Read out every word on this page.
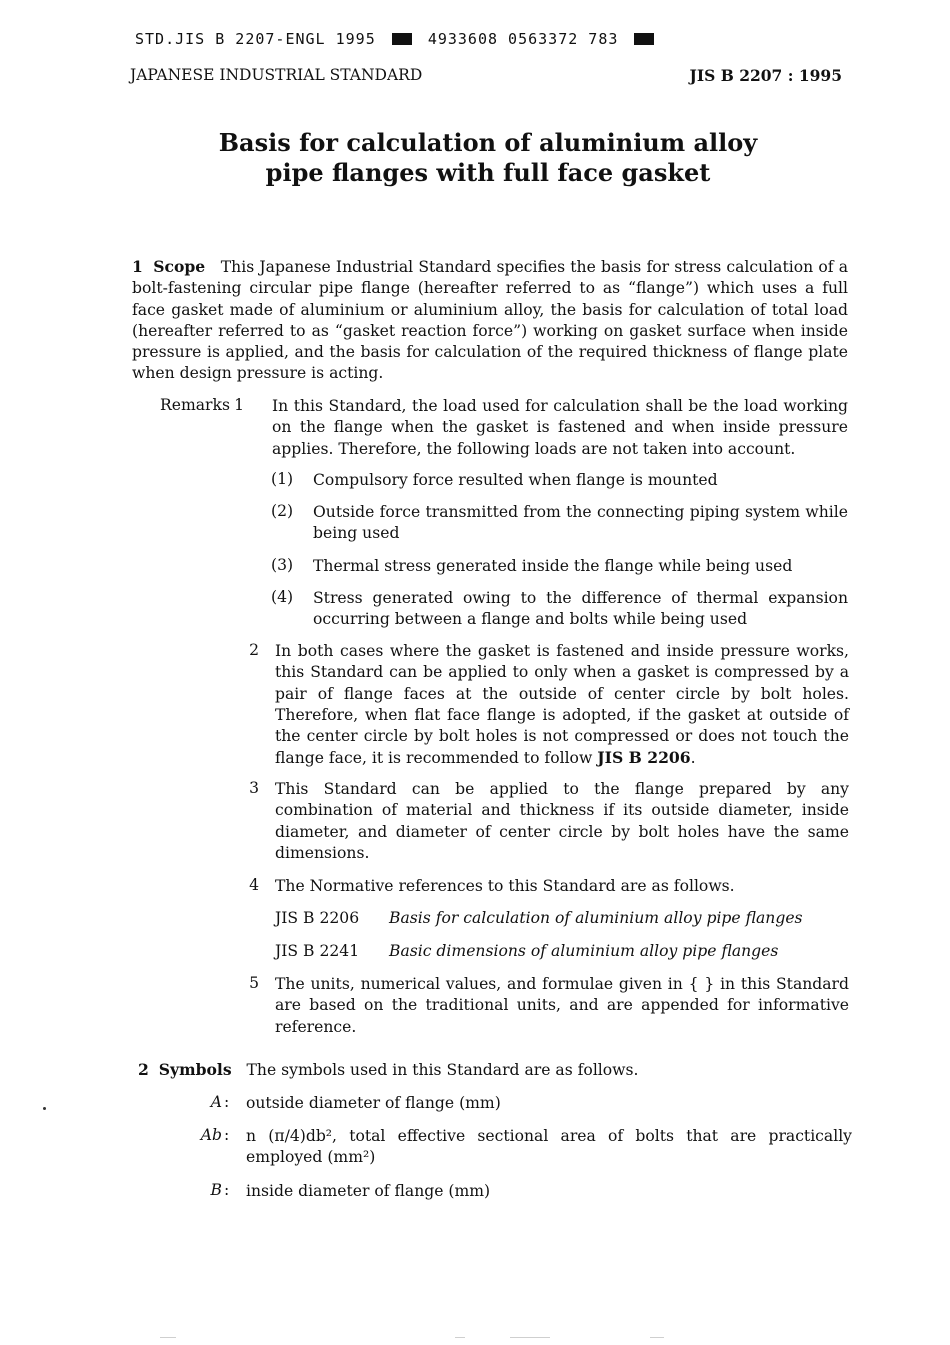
STD.JIS B 2207-ENGL 1995	4933608 0563372 783
JAPANESE INDUSTRIAL STANDARD	JIS B 2207 : 1995
Basis for calculation of aluminium alloy
pipe flanges with full face gasket
1 Scope This Japanese Industrial Standard specifies the basis for stress calculation of a bolt-fastening circular pipe flange (hereafter referred to as “flange”) which uses a full face gasket made of aluminium or aluminium alloy, the basis for calculation of total load (hereafter referred to as “gasket reaction force”) working on gasket surface when inside pressure is applied, and the basis for calculation of the required thickness of flange plate when design pressure is acting.
Remarks 1 In this Standard, the load used for calculation shall be the load working on the flange when the gasket is fastened and when inside pressure applies. Therefore, the following loads are not taken into account.
(1) Compulsory force resulted when flange is mounted
(2) Outside force transmitted from the connecting piping system while being used
(3) Thermal stress generated inside the flange while being used
(4) Stress generated owing to the difference of thermal expansion occurring between a flange and bolts while being used
2 In both cases where the gasket is fastened and inside pressure works, this Standard can be applied to only when a gasket is compressed by a pair of flange faces at the outside of center circle by bolt holes. Therefore, when flat face flange is adopted, if the gasket at outside of the center circle by bolt holes is not compressed or does not touch the flange face, it is recommended to follow JIS B 2206.
3 This Standard can be applied to the flange prepared by any combination of material and thickness if its outside diameter, inside diameter, and diameter of center circle by bolt holes have the same dimensions.
4 The Normative references to this Standard are as follows.
JIS B 2206 Basis for calculation of aluminium alloy pipe flanges
JIS B 2241 Basic dimensions of aluminium alloy pipe flanges
5 The units, numerical values, and formulae given in { } in this Standard are based on the traditional units, and are appended for informative reference.
2 Symbols The symbols used in this Standard are as follows.
A : outside diameter of flange (mm)
Ab : n (π/4)db², total effective sectional area of bolts that are practically employed (mm²)
B : inside diameter of flange (mm)
